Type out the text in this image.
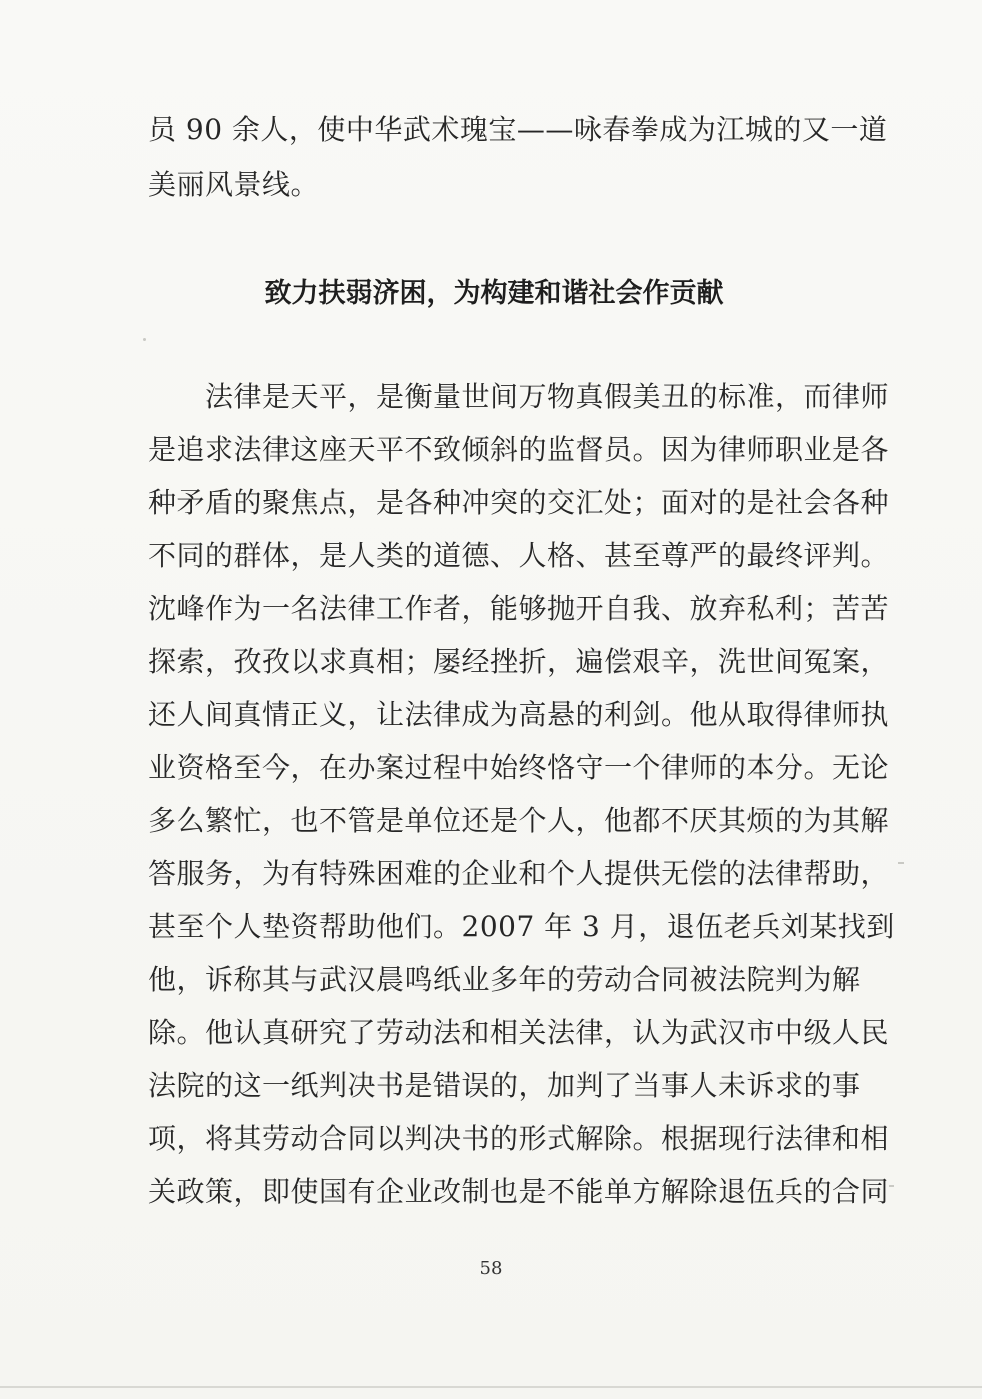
员 90 余人，使中华武术瑰宝——咏春拳成为江城的又一道
美丽风景线。
致力扶弱济困，为构建和谐社会作贡献
　　法律是天平，是衡量世间万物真假美丑的标准，而律师
是追求法律这座天平不致倾斜的监督员。因为律师职业是各
种矛盾的聚焦点，是各种冲突的交汇处；面对的是社会各种
不同的群体，是人类的道德、人格、甚至尊严的最终评判。
沈峰作为一名法律工作者，能够抛开自我、放弃私利；苦苦
探索，孜孜以求真相；屡经挫折，遍偿艰辛，洗世间冤案，
还人间真情正义，让法律成为高悬的利剑。他从取得律师执
业资格至今，在办案过程中始终恪守一个律师的本分。无论
多么繁忙，也不管是单位还是个人，他都不厌其烦的为其解
答服务，为有特殊困难的企业和个人提供无偿的法律帮助，
甚至个人垫资帮助他们。2007 年 3 月，退伍老兵刘某找到
他，诉称其与武汉晨鸣纸业多年的劳动合同被法院判为解
除。他认真研究了劳动法和相关法律，认为武汉市中级人民
法院的这一纸判决书是错误的，加判了当事人未诉求的事
项，将其劳动合同以判决书的形式解除。根据现行法律和相
关政策，即使国有企业改制也是不能单方解除退伍兵的合同
58
